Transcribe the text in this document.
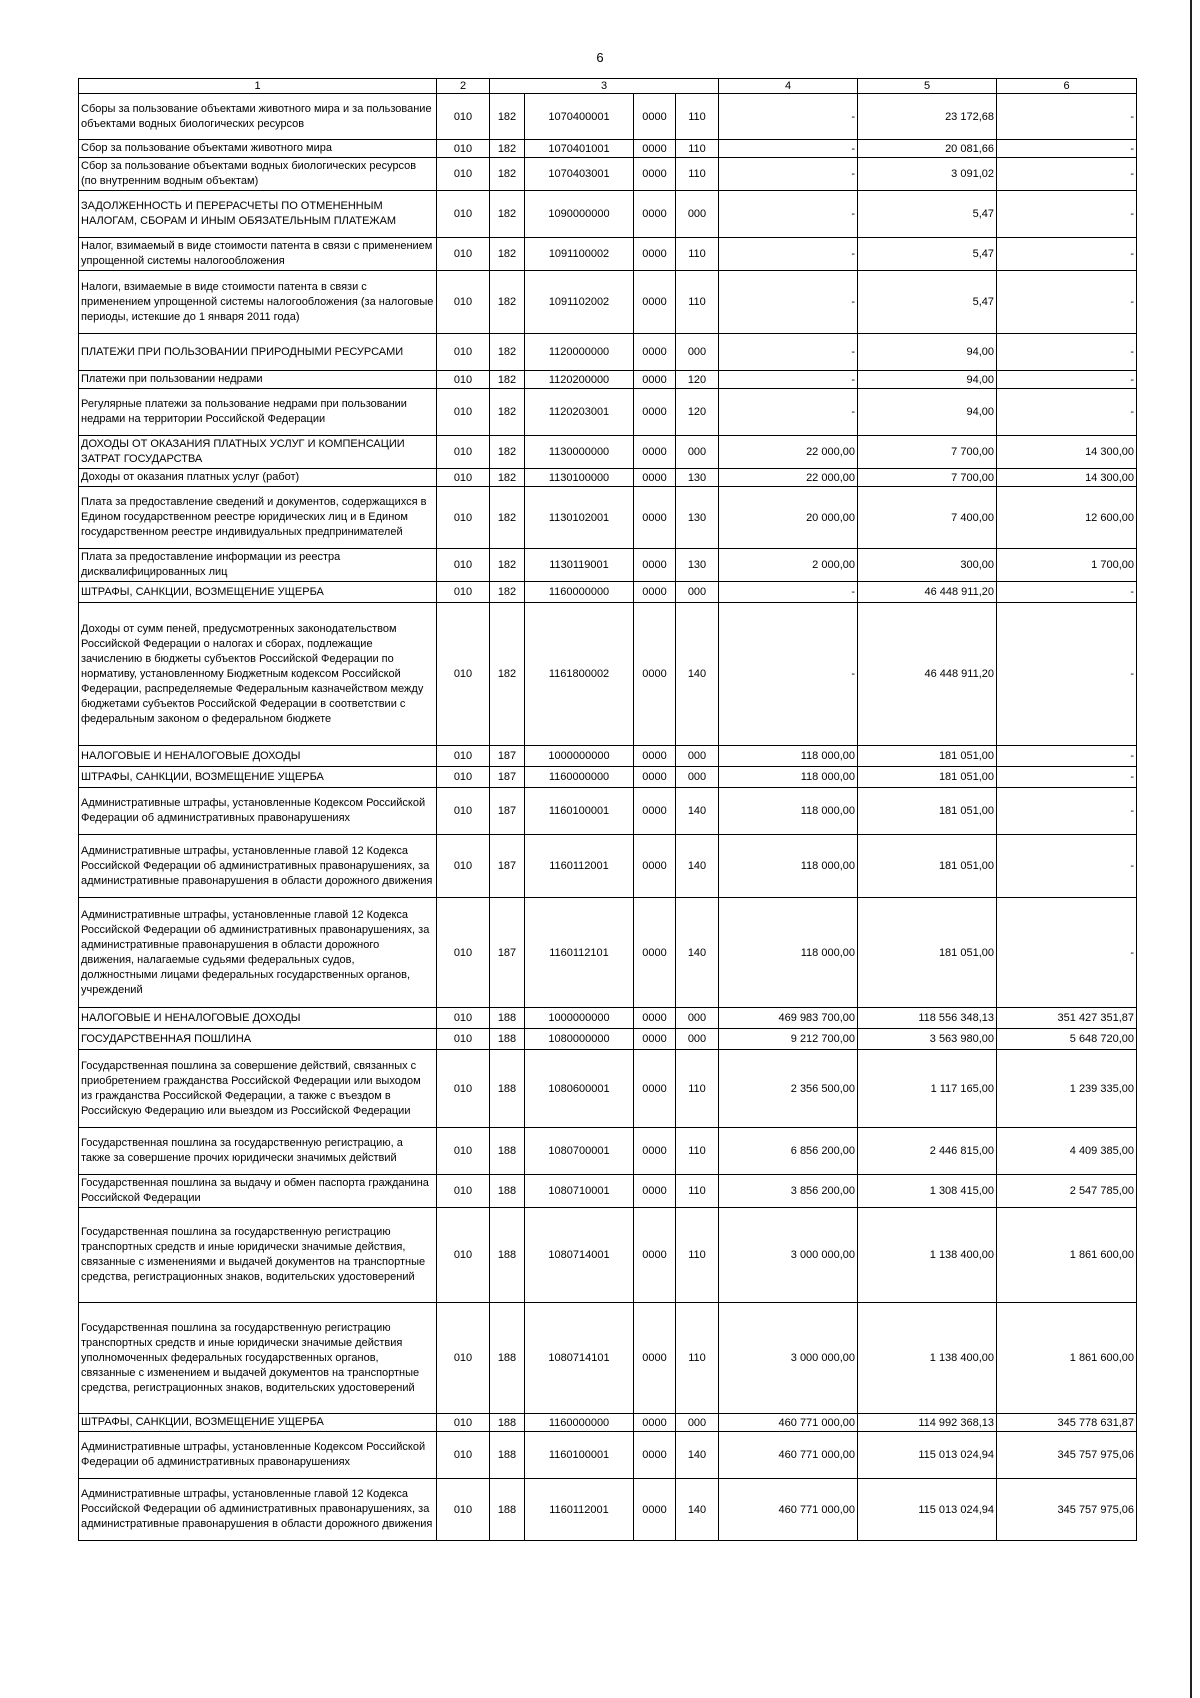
6
1	2	3				4	5	6
Сборы за пользование объектами животного мира и за пользование объектами водных биологических ресурсов	010	182	1070400001	0000	110	-	23 172,68	-
Сбор за пользование объектами животного мира	010	182	1070401001	0000	110	-	20 081,66	-
Сбор за пользование объектами водных биологических ресурсов (по внутренним водным объектам)	010	182	1070403001	0000	110	-	3 091,02	-
ЗАДОЛЖЕННОСТЬ И ПЕРЕРАСЧЕТЫ ПО ОТМЕНЕННЫМ НАЛОГАМ, СБОРАМ И ИНЫМ ОБЯЗАТЕЛЬНЫМ ПЛАТЕЖАМ	010	182	1090000000	0000	000	-	5,47	-
Налог, взимаемый в виде стоимости патента в связи с применением упрощенной системы налогообложения	010	182	1091100002	0000	110	-	5,47	-
Налоги, взимаемые в виде стоимости патента в связи с применением упрощенной системы налогообложения (за налоговые периоды, истекшие до 1 января 2011 года)	010	182	1091102002	0000	110	-	5,47	-
ПЛАТЕЖИ ПРИ ПОЛЬЗОВАНИИ ПРИРОДНЫМИ РЕСУРСАМИ	010	182	1120000000	0000	000	-	94,00	-
Платежи при пользовании недрами	010	182	1120200000	0000	120	-	94,00	-
Регулярные платежи за пользование недрами при пользовании недрами на территории Российской Федерации	010	182	1120203001	0000	120	-	94,00	-
ДОХОДЫ ОТ ОКАЗАНИЯ ПЛАТНЫХ УСЛУГ И КОМПЕНСАЦИИ ЗАТРАТ ГОСУДАРСТВА	010	182	1130000000	0000	000	22 000,00	7 700,00	14 300,00
Доходы от оказания платных услуг (работ)	010	182	1130100000	0000	130	22 000,00	7 700,00	14 300,00
Плата за предоставление сведений и документов, содержащихся в Едином государственном реестре юридических лиц и в Едином государственном реестре индивидуальных предпринимателей	010	182	1130102001	0000	130	20 000,00	7 400,00	12 600,00
Плата за предоставление информации из реестра дисквалифицированных лиц	010	182	1130119001	0000	130	2 000,00	300,00	1 700,00
ШТРАФЫ, САНКЦИИ, ВОЗМЕЩЕНИЕ УЩЕРБА	010	182	1160000000	0000	000	-	46 448 911,20	-
Доходы от сумм пеней, предусмотренных законодательством Российской Федерации о налогах и сборах, подлежащие зачислению в бюджеты субъектов Российской Федерации по нормативу, установленному Бюджетным кодексом Российской Федерации, распределяемые Федеральным казначейством между бюджетами субъектов Российской Федерации в соответствии с федеральным законом о федеральном бюджете	010	182	1161800002	0000	140	-	46 448 911,20	-
НАЛОГОВЫЕ И НЕНАЛОГОВЫЕ ДОХОДЫ	010	187	1000000000	0000	000	118 000,00	181 051,00	-
ШТРАФЫ, САНКЦИИ, ВОЗМЕЩЕНИЕ УЩЕРБА	010	187	1160000000	0000	000	118 000,00	181 051,00	-
Административные штрафы, установленные Кодексом Российской Федерации об административных правонарушениях	010	187	1160100001	0000	140	118 000,00	181 051,00	-
Административные штрафы, установленные главой 12 Кодекса Российской Федерации об административных правонарушениях, за административные правонарушения в области дорожного движения	010	187	1160112001	0000	140	118 000,00	181 051,00	-
Административные штрафы, установленные главой 12 Кодекса Российской Федерации об административных правонарушениях, за административные правонарушения в области дорожного движения, налагаемые судьями федеральных судов, должностными лицами федеральных государственных органов, учреждений	010	187	1160112101	0000	140	118 000,00	181 051,00	-
НАЛОГОВЫЕ И НЕНАЛОГОВЫЕ ДОХОДЫ	010	188	1000000000	0000	000	469 983 700,00	118 556 348,13	351 427 351,87
ГОСУДАРСТВЕННАЯ ПОШЛИНА	010	188	1080000000	0000	000	9 212 700,00	3 563 980,00	5 648 720,00
Государственная пошлина за совершение действий, связанных с приобретением гражданства Российской Федерации или выходом из гражданства Российской Федерации, а также с въездом в Российскую Федерацию или выездом из Российской Федерации	010	188	1080600001	0000	110	2 356 500,00	1 117 165,00	1 239 335,00
Государственная пошлина за государственную регистрацию, а также за совершение прочих юридически значимых действий	010	188	1080700001	0000	110	6 856 200,00	2 446 815,00	4 409 385,00
Государственная пошлина за выдачу и обмен паспорта гражданина Российской Федерации	010	188	1080710001	0000	110	3 856 200,00	1 308 415,00	2 547 785,00
Государственная пошлина за государственную регистрацию транспортных средств и иные юридически значимые действия, связанные с изменениями и выдачей документов на транспортные средства, регистрационных знаков, водительских удостоверений	010	188	1080714001	0000	110	3 000 000,00	1 138 400,00	1 861 600,00
Государственная пошлина за государственную регистрацию транспортных средств и иные юридически значимые действия уполномоченных федеральных государственных органов, связанные с изменением и выдачей документов на транспортные средства, регистрационных знаков, водительских удостоверений	010	188	1080714101	0000	110	3 000 000,00	1 138 400,00	1 861 600,00
ШТРАФЫ, САНКЦИИ, ВОЗМЕЩЕНИЕ УЩЕРБА	010	188	1160000000	0000	000	460 771 000,00	114 992 368,13	345 778 631,87
Административные штрафы, установленные Кодексом Российской Федерации об административных правонарушениях	010	188	1160100001	0000	140	460 771 000,00	115 013 024,94	345 757 975,06
Административные штрафы, установленные главой 12 Кодекса Российской Федерации об административных правонарушениях, за административные правонарушения в области дорожного движения	010	188	1160112001	0000	140	460 771 000,00	115 013 024,94	345 757 975,06
